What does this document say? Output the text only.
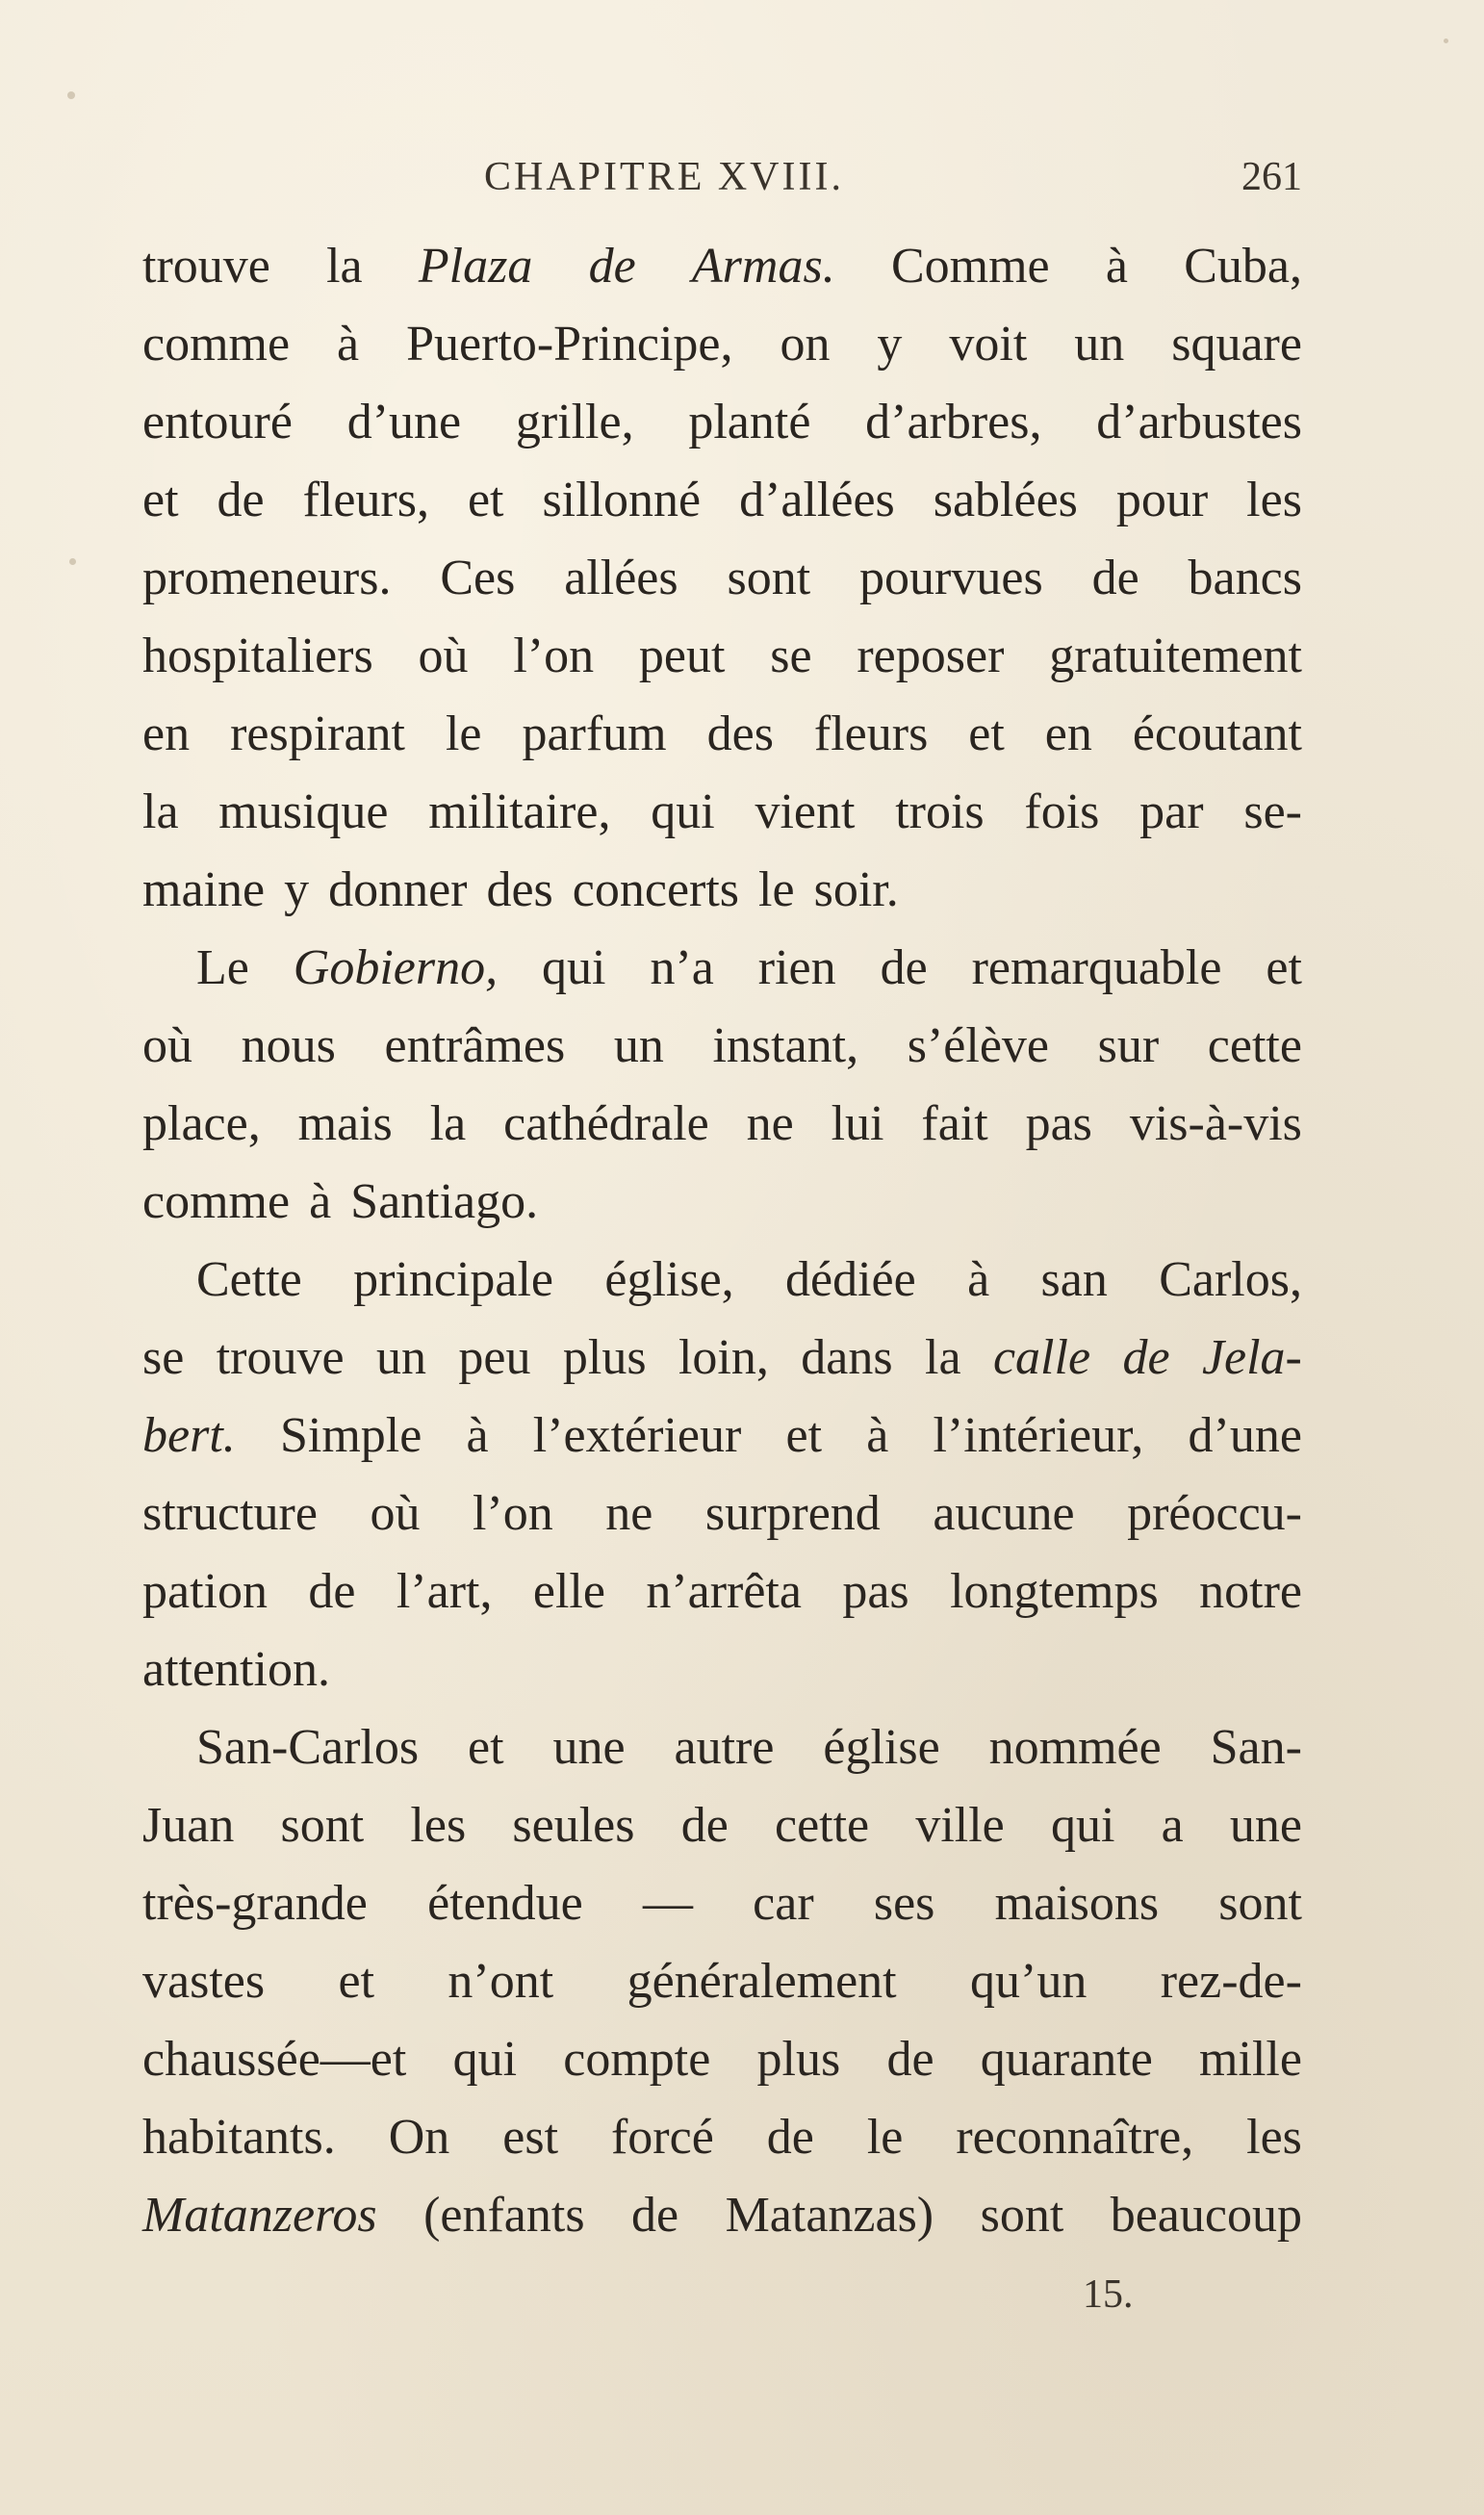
CHAPITRE XVIII.	261
trouve la Plaza de Armas. Comme à Cuba,
comme à Puerto-Principe, on y voit un square
entouré d’une grille, planté d’arbres, d’arbustes
et de fleurs, et sillonné d’allées sablées pour les
promeneurs. Ces allées sont pourvues de bancs
hospitaliers où l’on peut se reposer gratuitement
en respirant le parfum des fleurs et en écoutant
la musique militaire, qui vient trois fois par se-
maine y donner des concerts le soir.
Le Gobierno, qui n’a rien de remarquable et
où nous entrâmes un instant, s’élève sur cette
place, mais la cathédrale ne lui fait pas vis-à-vis
comme à Santiago.
Cette principale église, dédiée à san Carlos,
se trouve un peu plus loin, dans la calle de Jela-
bert. Simple à l’extérieur et à l’intérieur, d’une
structure où l’on ne surprend aucune préoccu-
pation de l’art, elle n’arrêta pas longtemps notre
attention.
San-Carlos et une autre église nommée San-
Juan sont les seules de cette ville qui a une
très-grande étendue — car ses maisons sont
vastes et n’ont généralement qu’un rez-de-
chaussée—et qui compte plus de quarante mille
habitants. On est forcé de le reconnaître, les
Matanzeros (enfants de Matanzas) sont beaucoup
15.
